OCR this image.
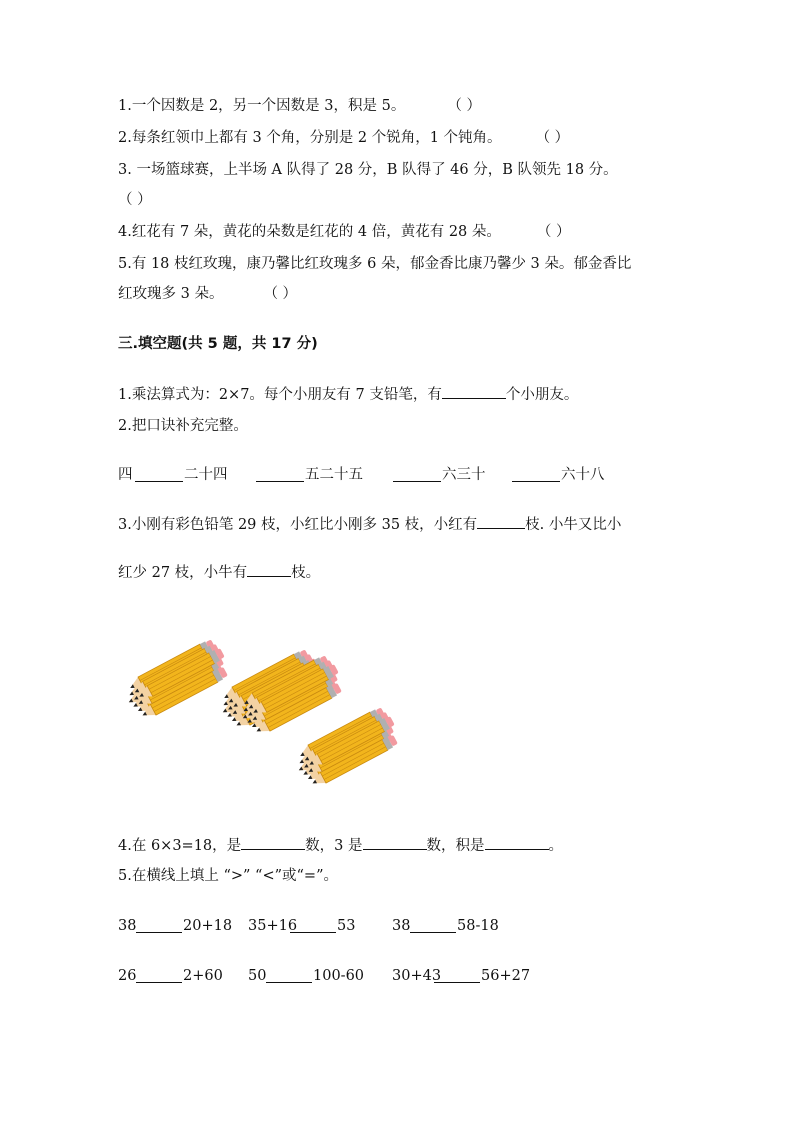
1.一个因数是 2，另一个因数是 3，积是 5。	（ ）
2.每条红领巾上都有 3 个角，分别是 2 个锐角，1 个钝角。 （ ）
3. 一场篮球赛，上半场 A 队得了 28 分，B 队得了 46 分，B 队领先 18 分。
（ ）
4.红花有 7 朵，黄花的朵数是红花的 4 倍，黄花有 28 朵。 （ ）
5.有 18 枝红玫瑰，康乃馨比红玫瑰多 6 朵，郁金香比康乃馨少 3 朵。郁金香比
红玫瑰多 3 朵。	（ ）
三.填空题(共 5 题，共 17 分)
1.乘法算式为：2×7。每个小朋友有 7 支铅笔，有	个小朋友。
2.把口诀补充完整。
四	二十四	五二十五	六三十	六十八
3.小刚有彩色铅笔 29 枝，小红比小刚多 35 枝，小红有	枝. 小牛又比小
红少 27 枝，小牛有	枝。
4.在 6×3=18，是	数，3 是	数，积是	。
5.在横线上填上 “>” “<”或“=”。
38	20+18 35+16	53	38	58-18
26	2+60 50	100-60 30+43	56+27
